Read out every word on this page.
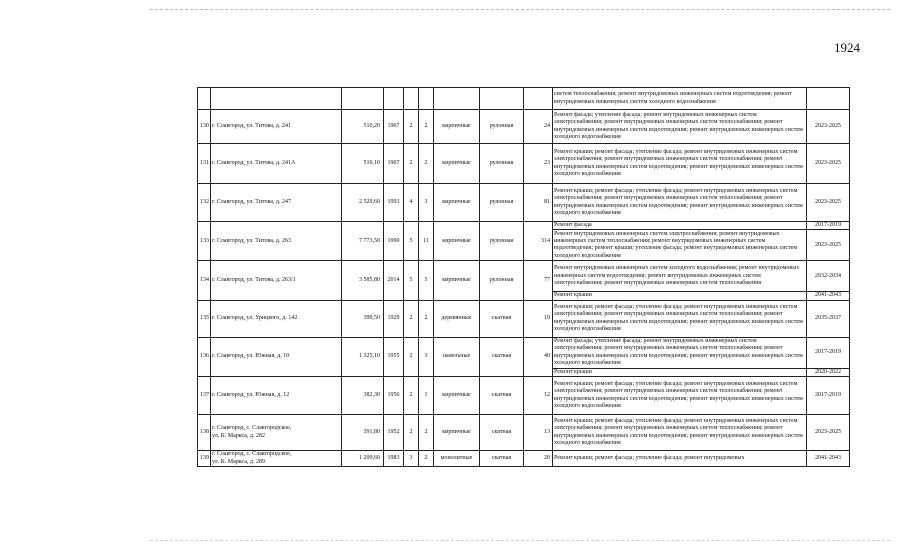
1924
									систем теплоснабжения; ремонт внутридомовых инженерных систем водоотведения; ремонт внутридомовых инженерных систем холодного водоснабжения	
130	г. Славгород, ул. Титова, д. 241	510,20	1967	2	2	кирпичные	рулонная	24	Ремонт фасада; утепление фасада; ремонт внутридомовых инженерных систем электроснабжения; ремонт внутридомовых инженерных систем теплоснабжения; ремонт внутридомовых инженерных систем водоотведения; ремонт внутридомовых инженерных систем холодного водоснабжения	2023-2025
131	г. Славгород, ул. Титова, д. 241А	510,10	1967	2	2	кирпичные	рулонная	23	Ремонт крыши; ремонт фасада; утепление фасада; ремонт внутридомовых инженерных систем электроснабжения; ремонт внутридомовых инженерных систем теплоснабжения; ремонт внутридомовых инженерных систем водоотведения; ремонт внутридомовых инженерных систем холодного водоснабжения	2023-2025
132	г. Славгород, ул. Титова, д. 247	2 529,60	1993	4	3	кирпичные	рулонная	81	Ремонт крыши; ремонт фасада; утепление фасада; ремонт внутридомовых инженерных систем электроснабжения; ремонт внутридомовых инженерных систем теплоснабжения; ремонт внутридомовых инженерных систем водоотведения; ремонт внутридомовых инженерных систем холодного водоснабжения	2023-2025
133	г. Славгород, ул. Титова, д. 263	7 773,50	1990	5	11	кирпичные	рулонная	314	Ремонт фасада	2017-2019
									Ремонт внутридомовых инженерных систем электроснабжения; ремонт внутридомовых инженерных систем теплоснабжения; ремонт внутридомовых инженерных систем водоотведения; ремонт крыши; утепление фасада; ремонт внутридомовых инженерных систем холодного водоснабжения	2023-2025
134	г. Славгород, ул. Титова, д. 263/1	3 585,80	2014	5	5	кирпичные	рулонная	77	Ремонт внутридомовых инженерных систем холодного водоснабжения; ремонт внутридомовых инженерных систем водоотведения; ремонт внутридомовых инженерных систем электроснабжения; ремонт внутридомовых инженерных систем теплоснабжения	2032-2034
									Ремонт крыши	2041-2043
135	г. Славгород, ул. Урицкого, д. 142	399,50	1929	2	2	деревянные	скатная	19	Ремонт крыши; ремонт фасада; утепление фасада; ремонт внутридомовых инженерных систем электроснабжения; ремонт внутридомовых инженерных систем теплоснабжения; ремонт внутридомовых инженерных систем водоотведения; ремонт внутридомовых инженерных систем холодного водоснабжения	2035-2037
136	г. Славгород, ул. Южная, д. 10	1 325,10	1955	2	3	панельные	скатная	40	Ремонт фасада; утепление фасада; ремонт внутридомовых инженерных систем электроснабжения; ремонт внутридомовых инженерных систем теплоснабжения; ремонт внутридомовых инженерных систем водоотведения; ремонт внутридомовых инженерных систем холодного водоснабжения	2017-2019
									Ремонт крыши	2020-2022
137	г. Славгород, ул. Южная, д. 12	382,30	1956	2	1	кирпичные	скатная	12	Ремонт крыши; ремонт фасада; утепление фасада; ремонт внутридомовых инженерных систем электроснабжения; ремонт внутридомовых инженерных систем теплоснабжения; ремонт внутридомовых инженерных систем водоотведения; ремонт внутридомовых инженерных систем холодного водоснабжения	2017-2019
138	г. Славгород, с. Славгородское,
ул. К. Маркса, д. 282	391,80	1952	2	2	кирпичные	скатная	13	Ремонт крыши; ремонт фасада; утепление фасада; ремонт внутридомовых инженерных систем электроснабжения; ремонт внутридомовых инженерных систем теплоснабжения; ремонт внутридомовых инженерных систем водоотведения; ремонт внутридомовых инженерных систем холодного водоснабжения	2023-2025
139	г. Славгород, с. Славгородское,
ул. К. Маркса, д. 289	1 209,60	1983	3	2	монолитные	скатная	20	Ремонт крыши; ремонт фасада; утепление фасада; ремонт внутридомовых	2041-2043
